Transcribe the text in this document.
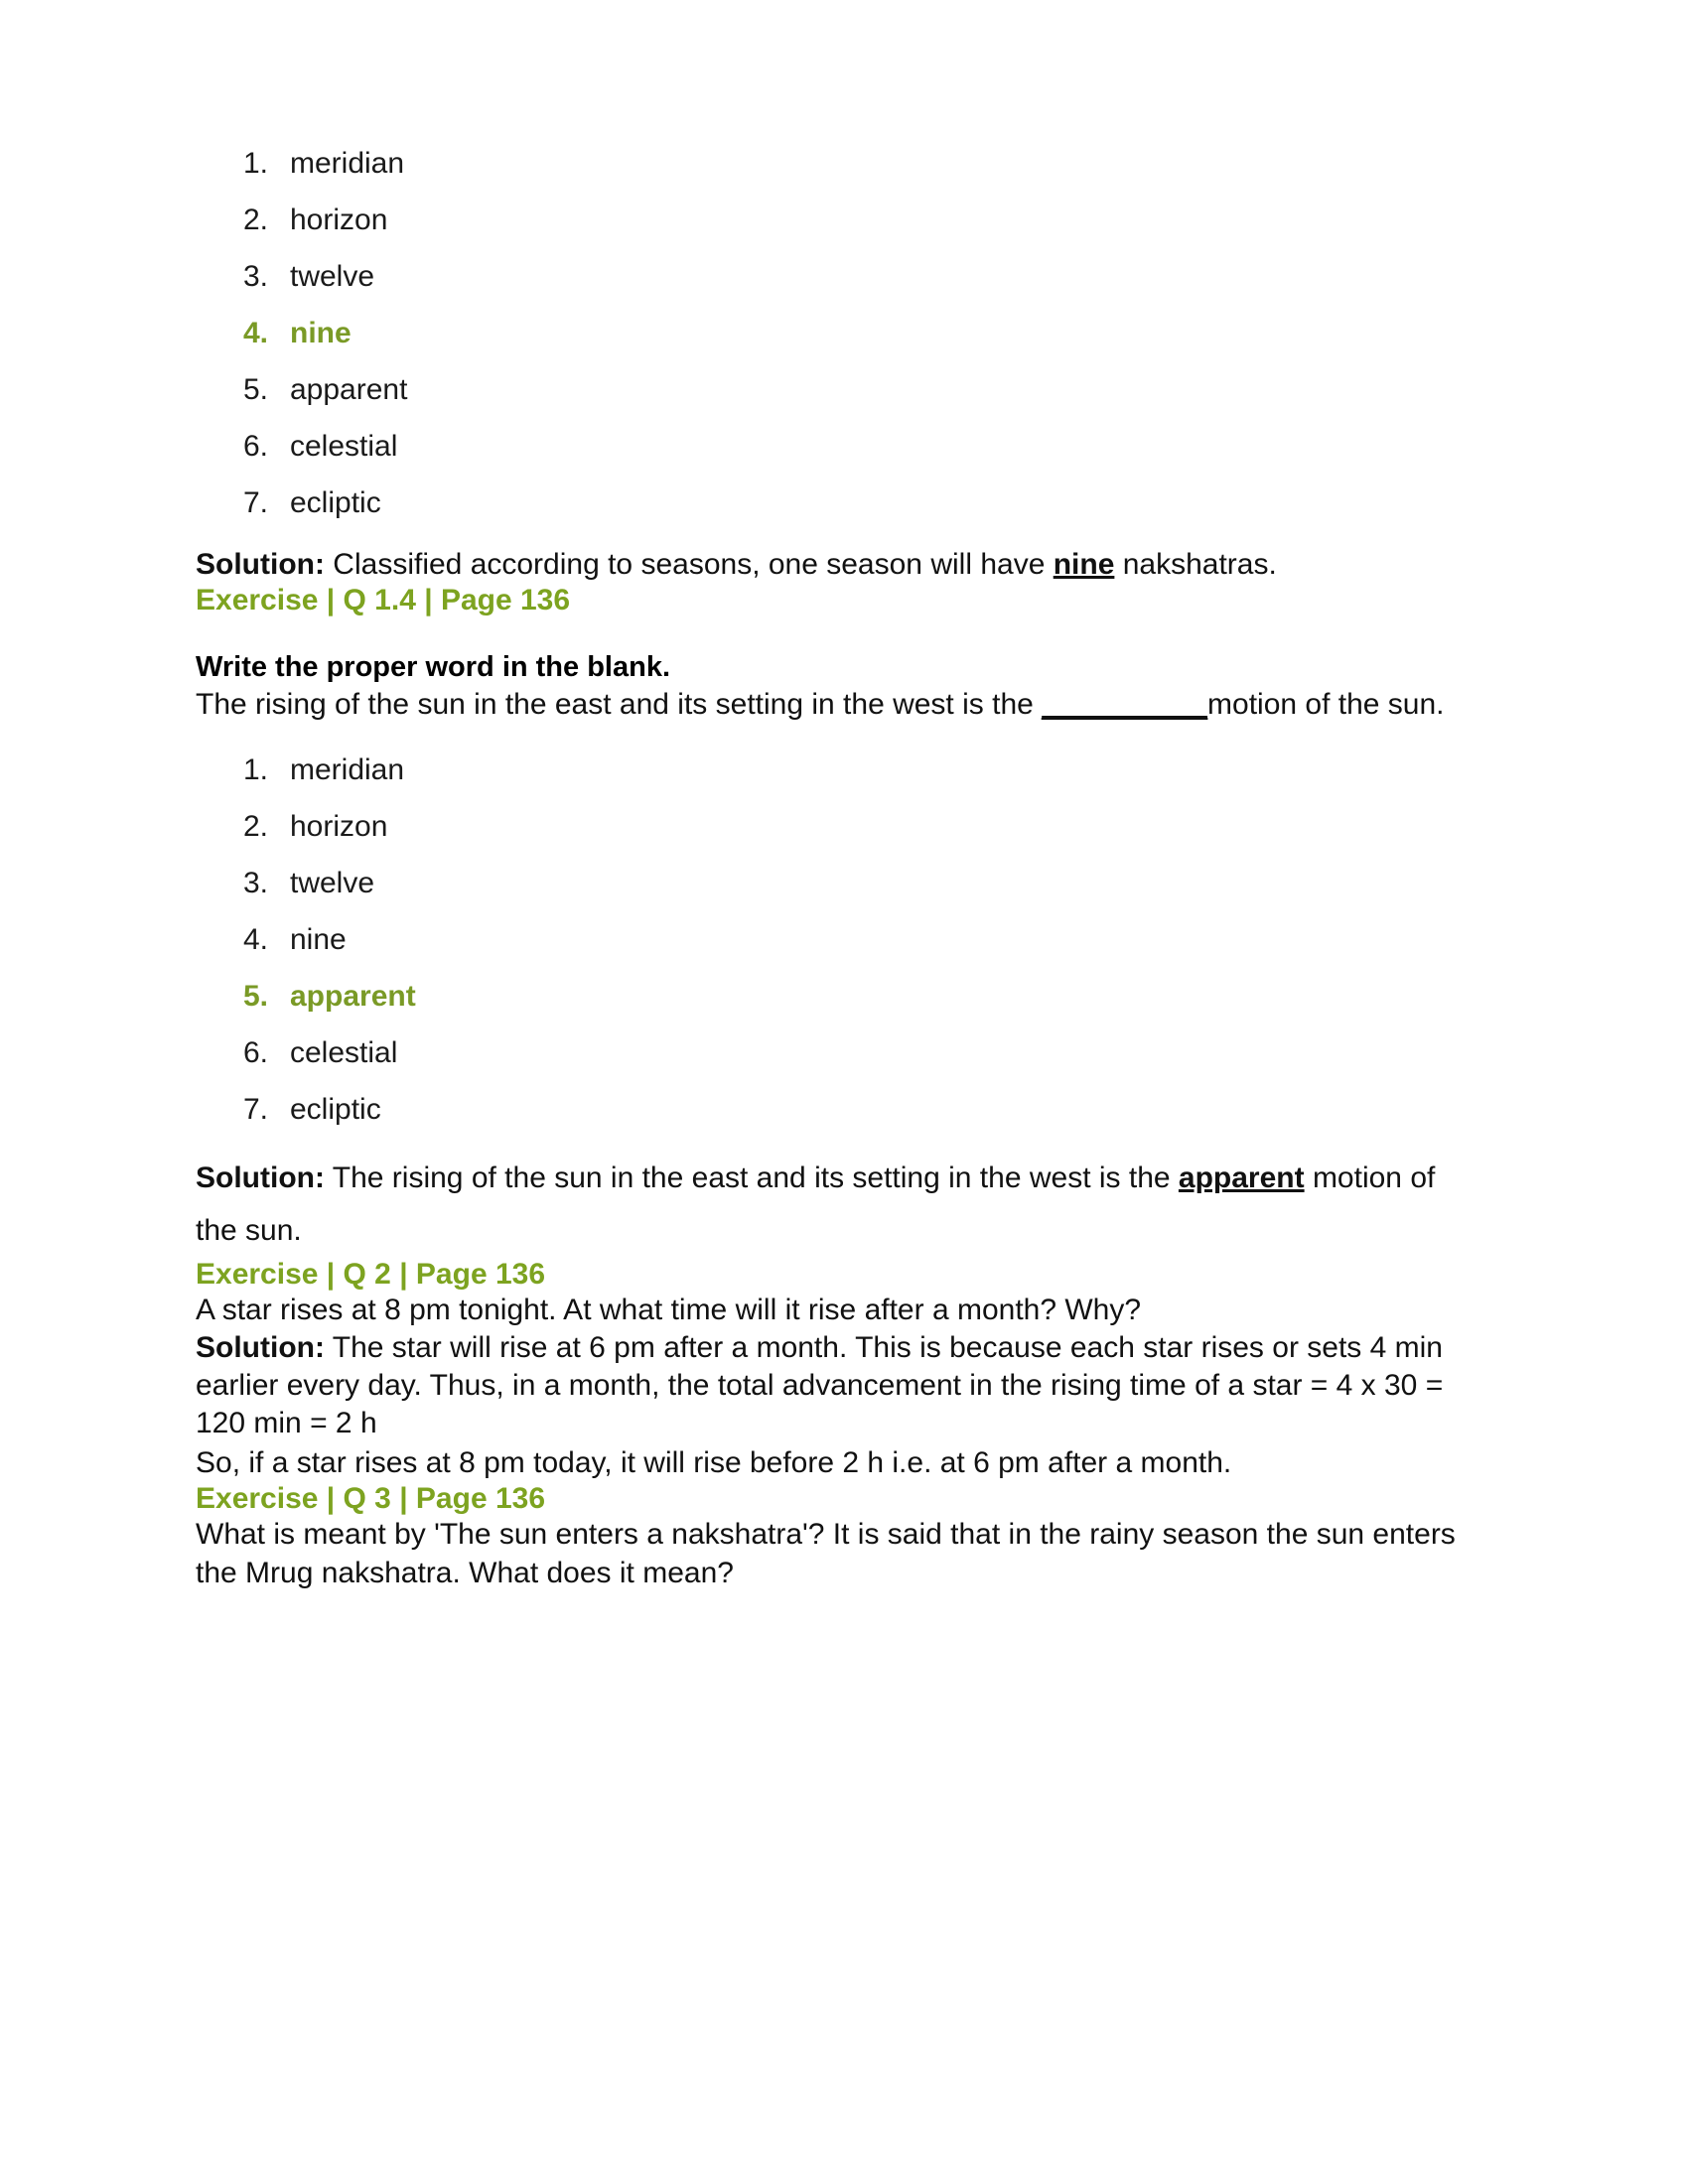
1. meridian
2. horizon
3. twelve
4. nine
5. apparent
6. celestial
7. ecliptic

Solution: Classified according to seasons, one season will have nine nakshatras.

Exercise | Q 1.4 | Page 136
Write the proper word in the blank.

The rising of the sun in the east and its setting in the west is the __________motion of the sun.

1. meridian
2. horizon
3. twelve
4. nine
5. apparent
6. celestial
7. ecliptic

Solution: The rising of the sun in the east and its setting in the west is the apparent motion of the sun.

Exercise | Q 2 | Page 136

A star rises at 8 pm tonight. At what time will it rise after a month? Why?

Solution: The star will rise at 6 pm after a month. This is because each star rises or sets 4 min earlier every day. Thus, in a month, the total advancement in the rising time of a star = 4 x 30 = 120 min = 2 h

So, if a star rises at 8 pm today, it will rise before 2 h i.e. at 6 pm after a month.

Exercise | Q 3 | Page 136

What is meant by 'The sun enters a nakshatra'? It is said that in the rainy season the sun enters the Mrug nakshatra. What does it mean?
